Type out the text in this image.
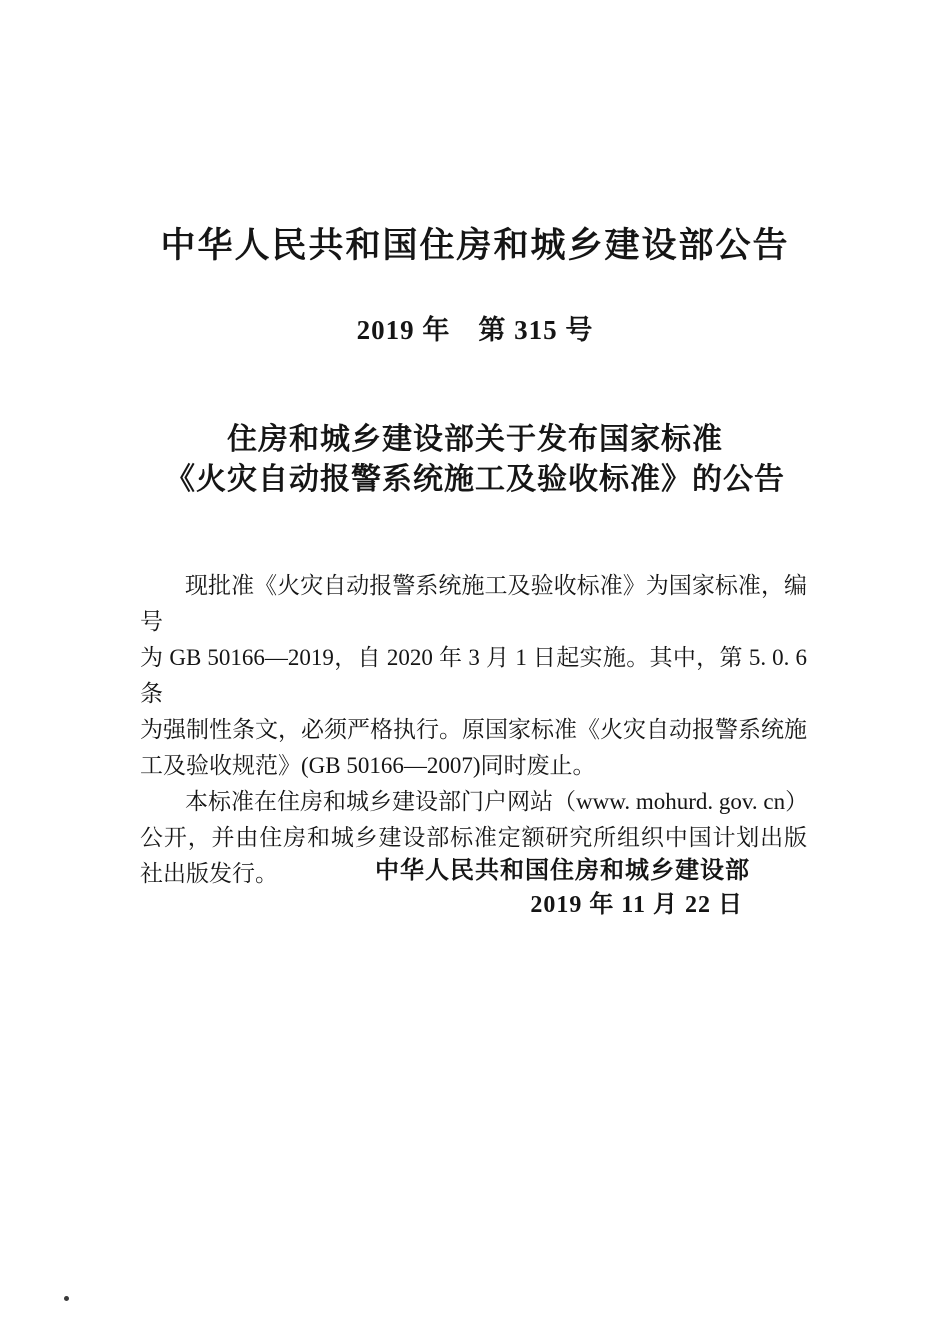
中华人民共和国住房和城乡建设部公告
2019 年　第 315 号
住房和城乡建设部关于发布国家标准
《火灾自动报警系统施工及验收标准》的公告
现批准《火灾自动报警系统施工及验收标准》为国家标准，编号
为 GB 50166—2019，自 2020 年 3 月 1 日起实施。其中，第 5. 0. 6 条
为强制性条文，必须严格执行。原国家标准《火灾自动报警系统施
工及验收规范》(GB 50166—2007)同时废止。
本标准在住房和城乡建设部门户网站（www. mohurd. gov. cn）
公开，并由住房和城乡建设部标准定额研究所组织中国计划出版
社出版发行。	中华人民共和国住房和城乡建设部
2019 年 11 月 22 日
